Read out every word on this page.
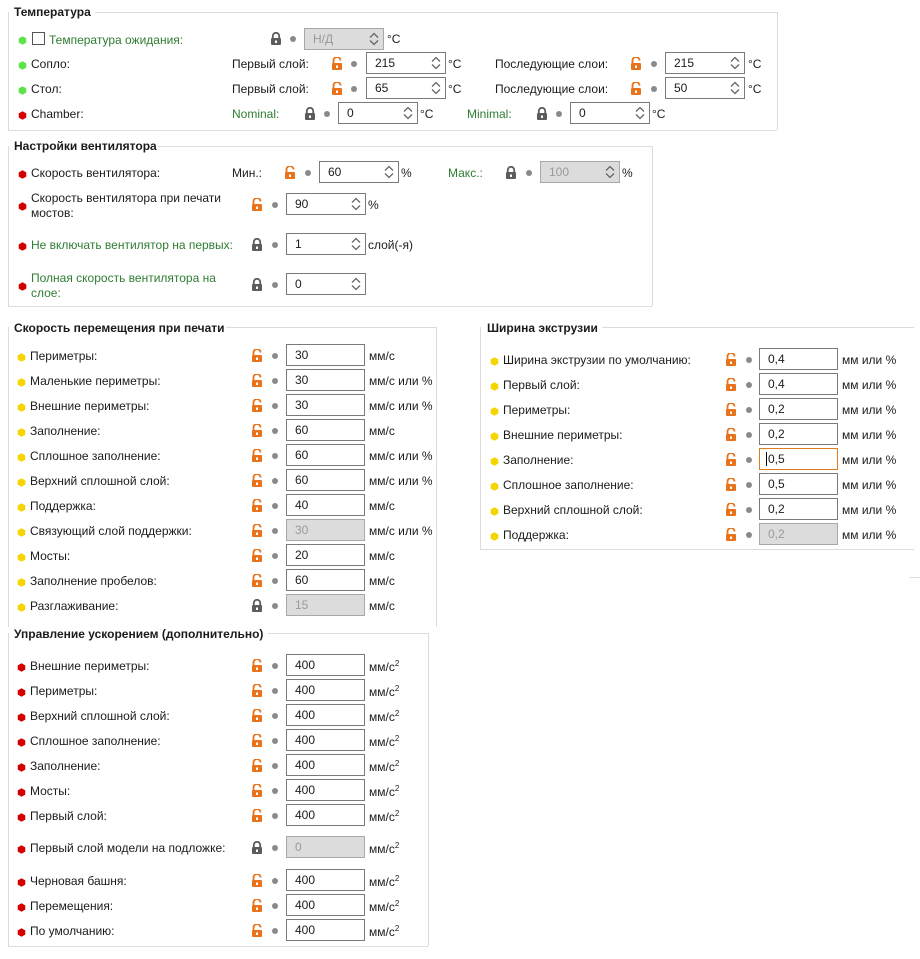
Температура
Температура ожидания:	Н/Д	°C
Сопло:	Первый слой:	215	°C	Последующие слои:	215	°C
Стол:	Первый слой:	65	°C	Последующие слои:	50	°C
Chamber:	Nominal:	0	°C	Minimal:	0	°C
Настройки вентилятора
Скорость вентилятора:	Мин.:	60	%	Макс.:	100	%
Скорость вентилятора при печати
мостов:
90	%
Не включать вентилятор на первых:	1	слой(-я)
Полная скорость вентилятора на
слое:
0
Скорость перемещения при печати
Периметры:	30	мм/с
Маленькие периметры:	30	мм/с или %
Внешние периметры:	30	мм/с или %
Заполнение:	60	мм/с
Сплошное заполнение:	60	мм/с или %
Верхний сплошной слой:	60	мм/с или %
Поддержка:	40	мм/с
Связующий слой поддержки:	30	мм/с или %
Мосты:	20	мм/с
Заполнение пробелов:	60	мм/с
Разглаживание:	15	мм/с
Ширина экструзии
Ширина экструзии по умолчанию:	0,4	мм или %
Первый слой:	0,4	мм или %
Периметры:	0,2	мм или %
Внешние периметры:	0,2	мм или %
Заполнение:	0,5	мм или %
Сплошное заполнение:	0,5	мм или %
Верхний сплошной слой:	0,2	мм или %
Поддержка:	0,2	мм или %
Управление ускорением (дополнительно)
Внешние периметры:	400	$мм/с^2$
Периметры:	400	$мм/с^2$
Верхний сплошной слой:	400	$мм/с^2$
Сплошное заполнение:	400	$мм/с^2$
Заполнение:	400	$мм/с^2$
Мосты:	400	$мм/с^2$
Первый слой:	400	$мм/с^2$
Первый слой модели на подложке:	0	$мм/с^2$
Черновая башня:	400	$мм/с^2$
Перемещения:	400	$мм/с^2$
По умолчанию:	400	$мм/с^2$
